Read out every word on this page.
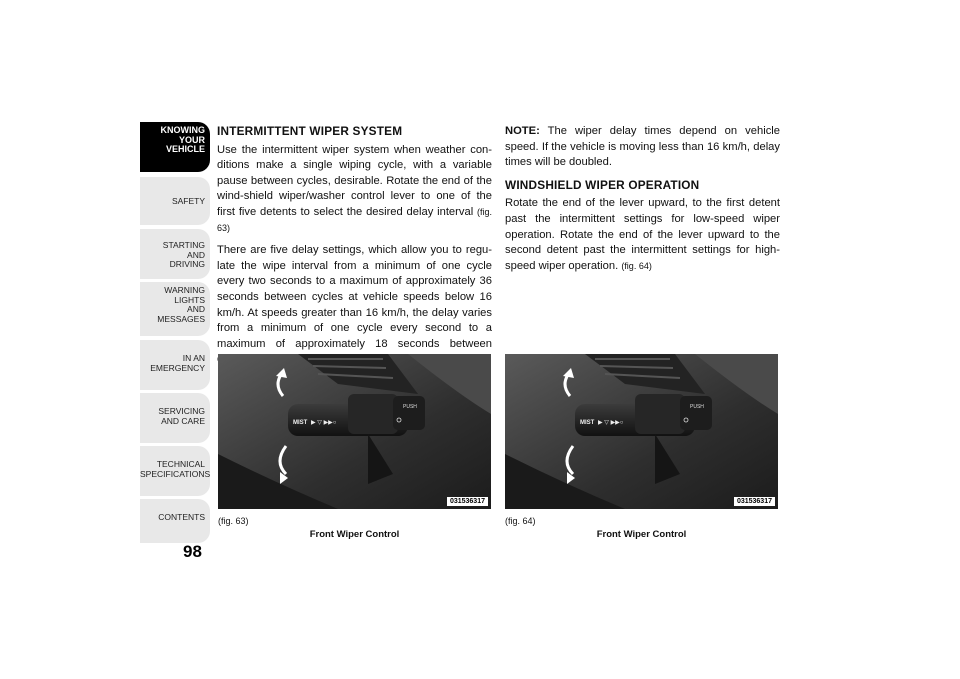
KNOWING
YOUR
VEHICLE
SAFETY
STARTING
AND
DRIVING
WARNING
LIGHTS
AND
MESSAGES
IN AN
EMERGENCY
SERVICING
AND CARE
TECHNICAL
SPECIFICATIONS
CONTENTS
98
INTERMITTENT WIPER SYSTEM

Use the intermittent wiper system when weather con-ditions make a single wiping cycle, with a variable pause between cycles, desirable. Rotate the end of the wind-shield wiper/washer control lever to one of the first five detents to select the desired delay interval (fig. 63)

There are five delay settings, which allow you to regu-late the wipe interval from a minimum of one cycle every two seconds to a maximum of approximately 36 seconds between cycles at vehicle speeds below 16 km/h. At speeds greater than 16 km/h, the delay varies from a minimum of one cycle every second to a maximum of approximately 18 seconds between

NOTE: The wiper delay times depend on vehicle speed. If the vehicle is moving less than 16 km/h, delay times will be doubled.

WINDSHIELD WIPER OPERATION

Rotate the end of the lever upward, to the first detent past the intermittent settings for low-speed wiper operation. Rotate the end of the lever upward to the second detent past the intermittent settings for high-speed wiper operation. (fig. 64)

MIST ▶ ▽ ▶▶○
PUSH
031536317
(fig. 63)
Front Wiper Control
MIST ▶ ▽ ▶▶○
PUSH
031536317
(fig. 64)
Front Wiper Control
